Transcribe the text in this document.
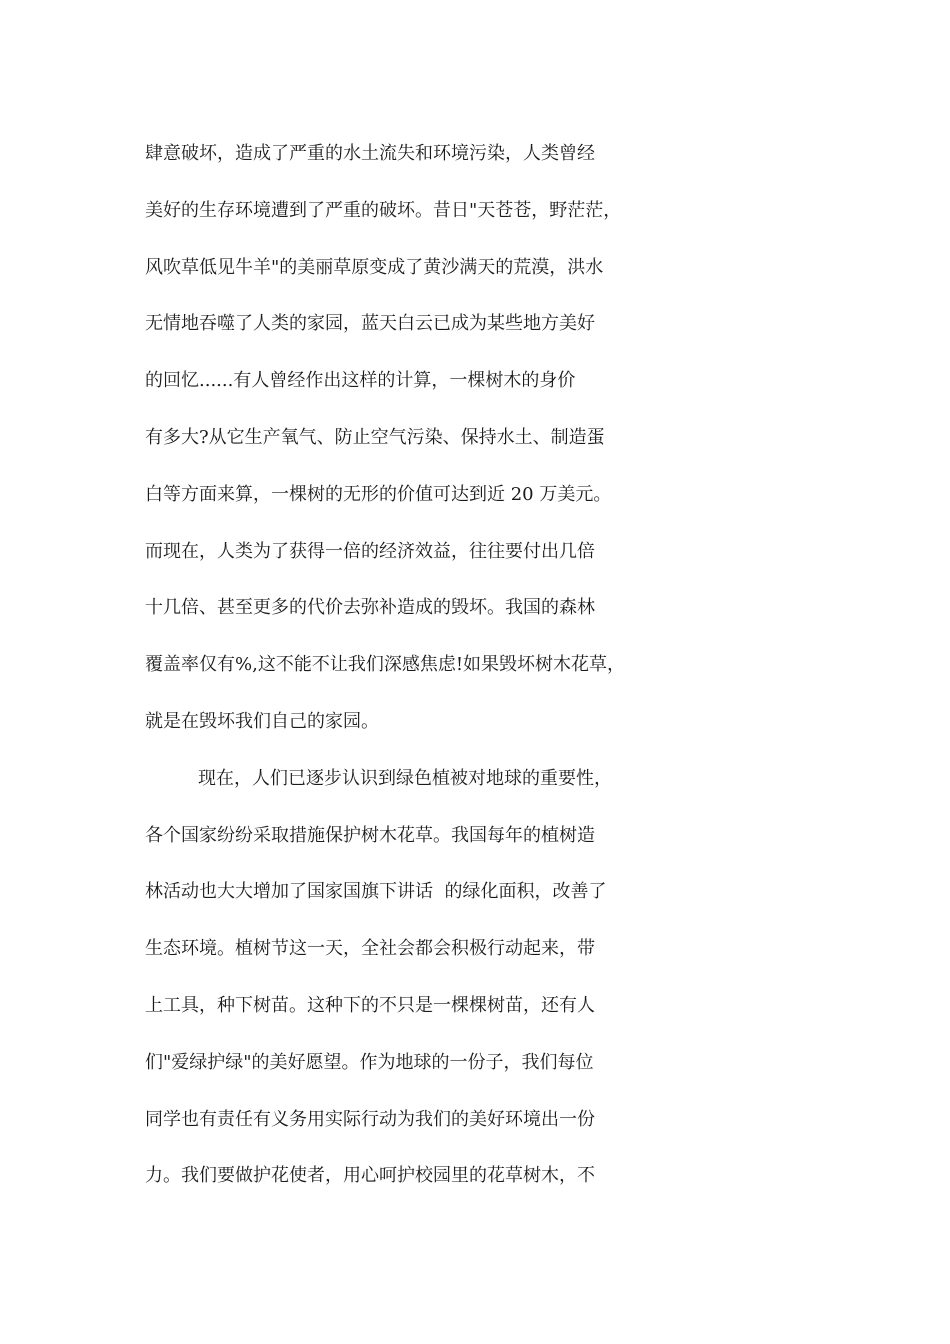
肆意破坏，造成了严重的水土流失和环境污染，人类曾经
美好的生存环境遭到了严重的破坏。昔日"天苍苍，野茫茫，
风吹草低见牛羊"的美丽草原变成了黄沙满天的荒漠，洪水
无情地吞噬了人类的家园，蓝天白云已成为某些地方美好
的回忆......有人曾经作出这样的计算，一棵树木的身价
有多大?从它生产氧气、防止空气污染、保持水土、制造蛋
白等方面来算，一棵树的无形的价值可达到近 20 万美元。
而现在，人类为了获得一倍的经济效益，往往要付出几倍
十几倍、甚至更多的代价去弥补造成的毁坏。我国的森林
覆盖率仅有%,这不能不让我们深感焦虑!如果毁坏树木花草，
就是在毁坏我们自己的家园。
现在，人们已逐步认识到绿色植被对地球的重要性，
各个国家纷纷采取措施保护树木花草。我国每年的植树造
林活动也大大增加了国家国旗下讲话  的绿化面积，改善了
生态环境。植树节这一天，全社会都会积极行动起来，带
上工具，种下树苗。这种下的不只是一棵棵树苗，还有人
们"爱绿护绿"的美好愿望。作为地球的一份子，我们每位
同学也有责任有义务用实际行动为我们的美好环境出一份
力。我们要做护花使者，用心呵护校园里的花草树木，不
